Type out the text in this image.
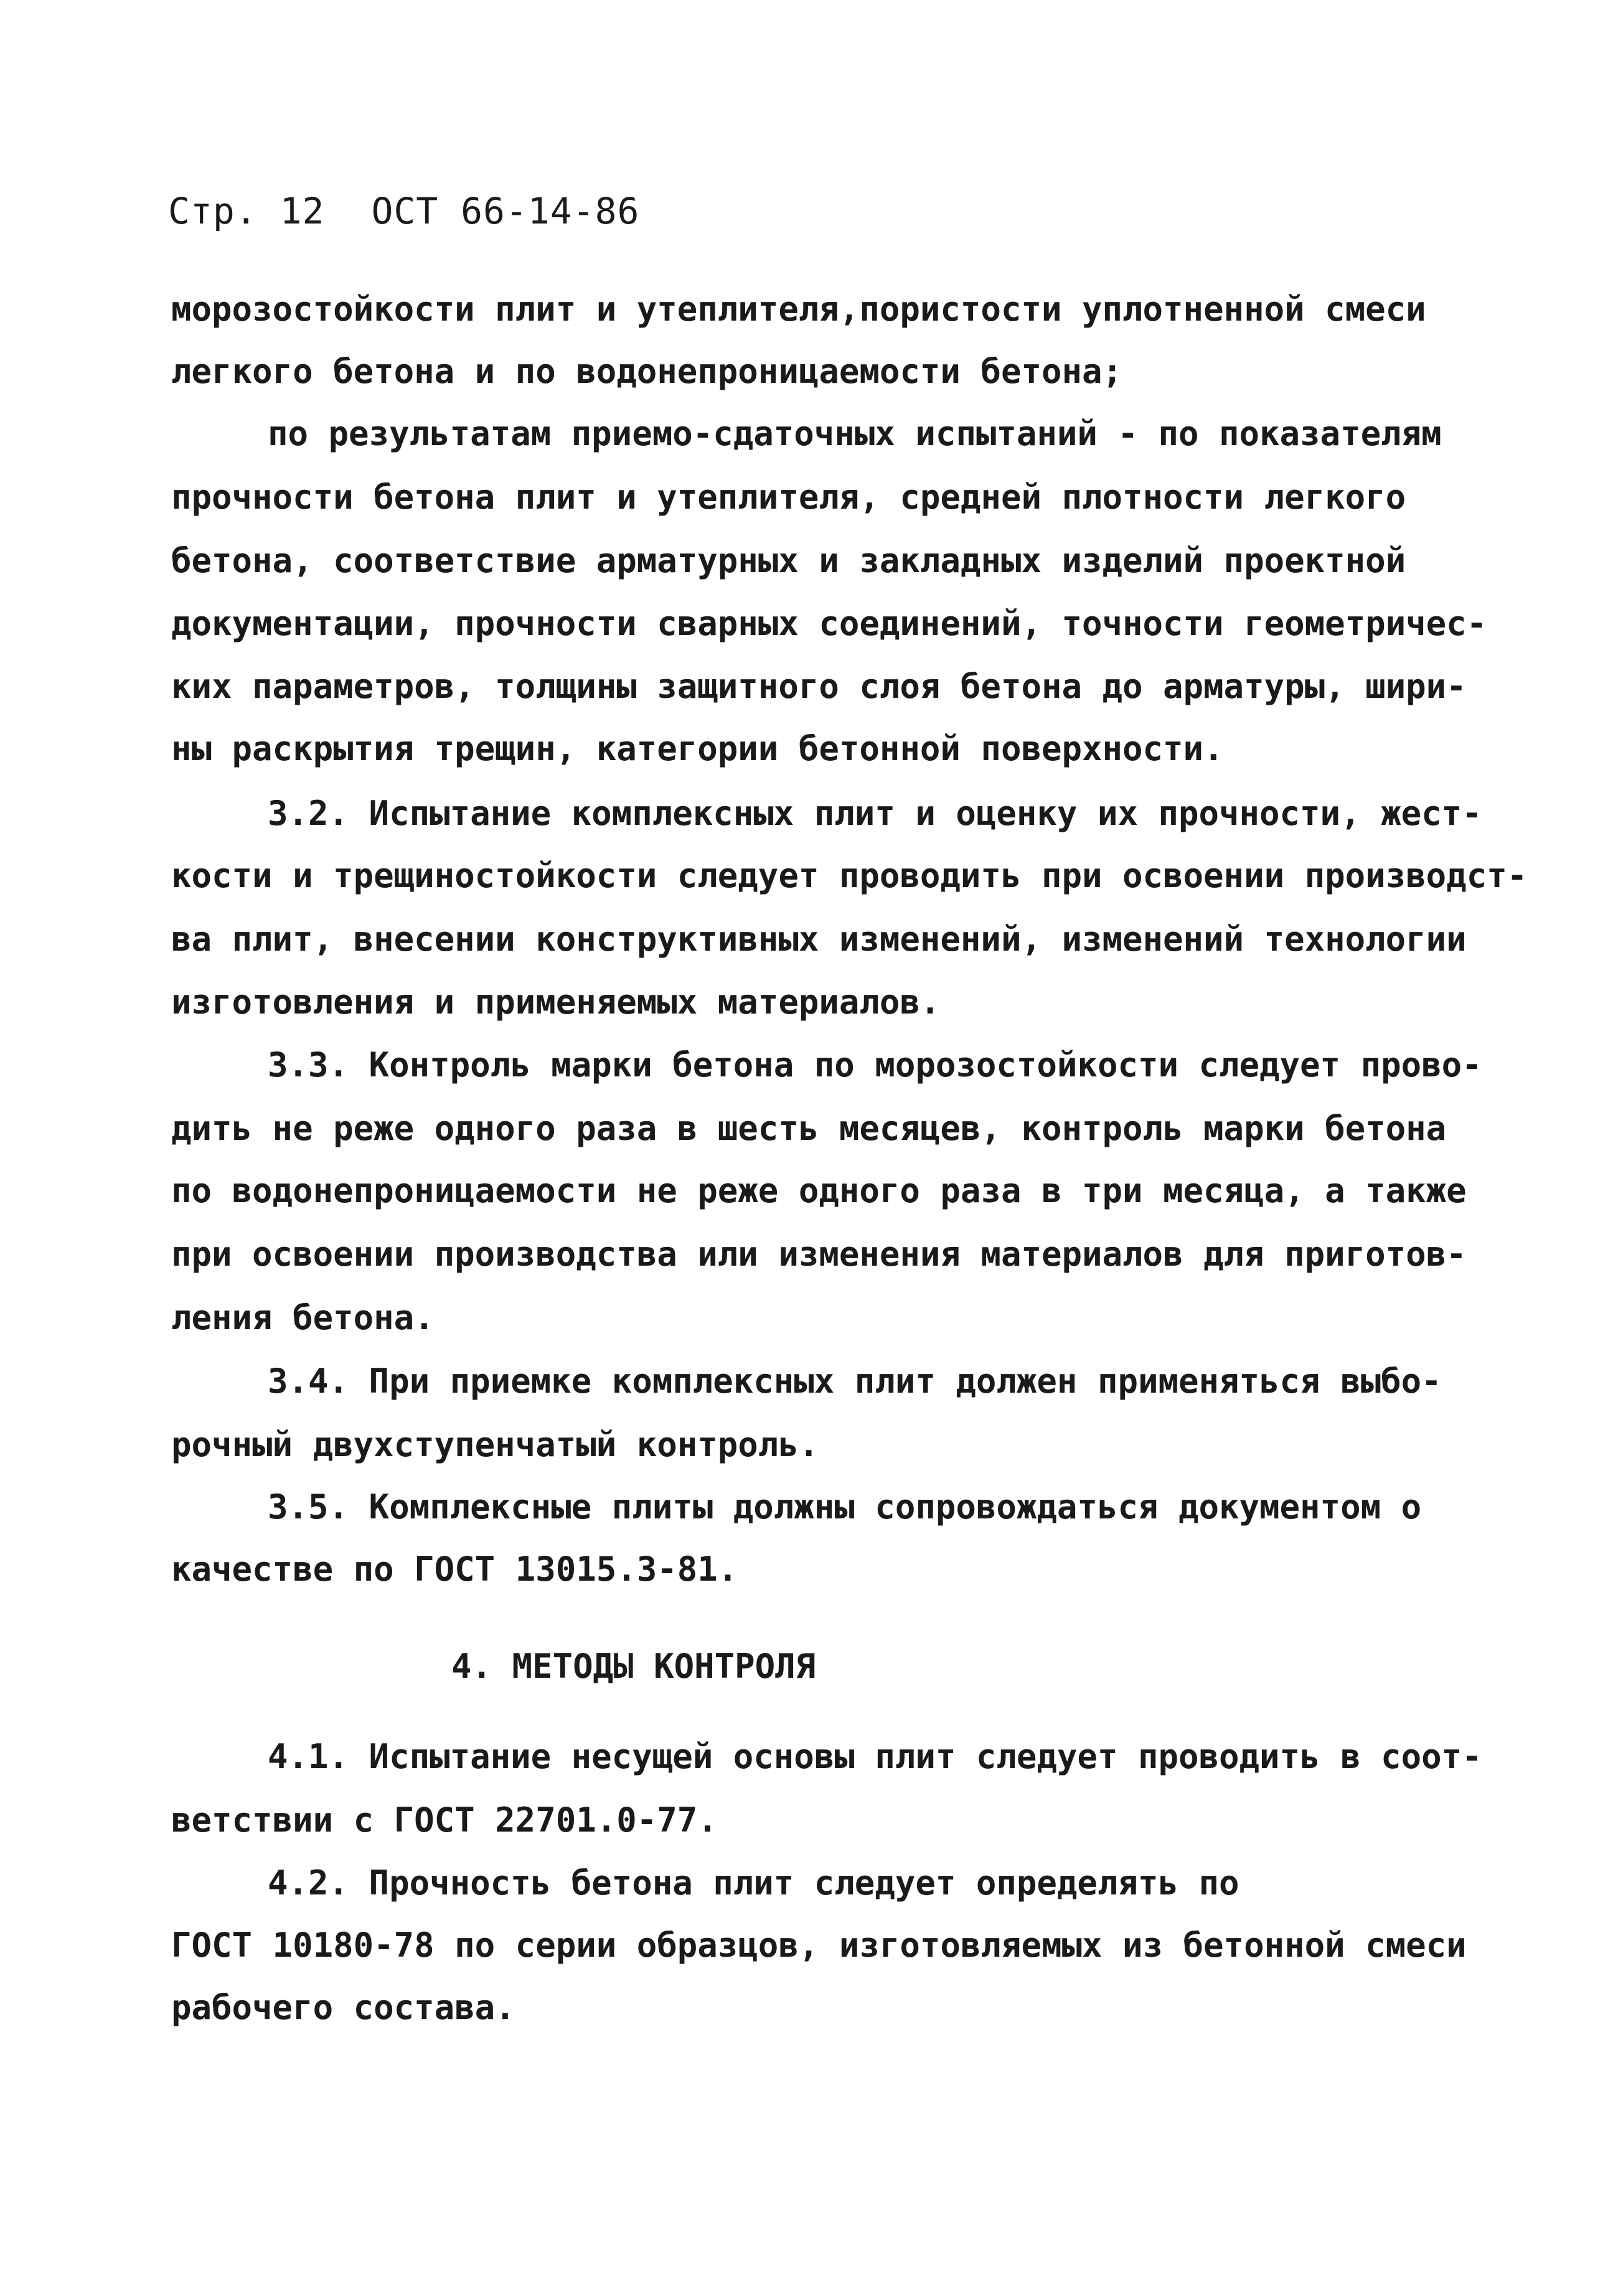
Стр. 12 ОСТ 66-14-86
морозостойкости плит и утеплителя,пористости уплотненной смеси
легкого бетона и по водонепроницаемости бетона;
по результатам приемо-сдаточных испытаний - по показателям
прочности бетона плит и утеплителя, средней плотности легкого
бетона, соответствие арматурных и закладных изделий проектной
документации, прочности сварных соединений, точности геометричес-
ких параметров, толщины защитного слоя бетона до арматуры, шири-
ны раскрытия трещин, категории бетонной поверхности.
3.2. Испытание комплексных плит и оценку их прочности, жест-
кости и трещиностойкости следует проводить при освоении производст-
ва плит, внесении конструктивных изменений, изменений технологии
изготовления и применяемых материалов.
3.3. Контроль марки бетона по морозостойкости следует прово-
дить не реже одного раза в шесть месяцев, контроль марки бетона
по водонепроницаемости не реже одного раза в три месяца, а также
при освоении производства или изменения материалов для приготов-
ления бетона.
3.4. При приемке комплексных плит должен применяться выбо-
рочный двухступенчатый контроль.
3.5. Комплексные плиты должны сопровождаться документом о
качестве по ГОСТ 13015.3-81.
4. МЕТОДЫ КОНТРОЛЯ
4.1. Испытание несущей основы плит следует проводить в соот-
ветствии с ГОСТ 22701.0-77.
4.2. Прочность бетона плит следует определять по
ГОСТ 10180-78 по серии образцов, изготовляемых из бетонной смеси
рабочего состава.
